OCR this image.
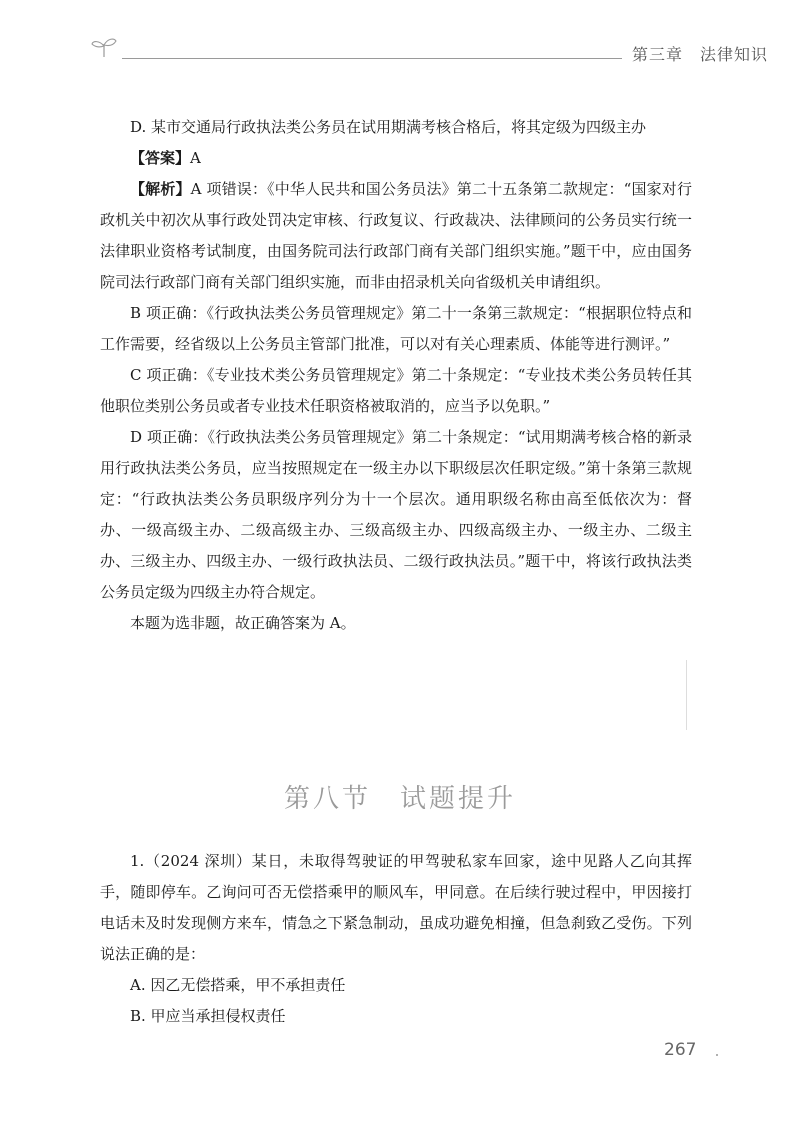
第三章　法律知识

D. 某市交通局行政执法类公务员在试用期满考核合格后，将其定级为四级主办

【答案】A

【解析】A 项错误：《中华人民共和国公务员法》第二十五条第二款规定：“国家对行政机关中初次从事行政处罚决定审核、行政复议、行政裁决、法律顾问的公务员实行统一法律职业资格考试制度，由国务院司法行政部门商有关部门组织实施。”题干中，应由国务院司法行政部门商有关部门组织实施，而非由招录机关向省级机关申请组织。

B 项正确：《行政执法类公务员管理规定》第二十一条第三款规定：“根据职位特点和工作需要，经省级以上公务员主管部门批准，可以对有关心理素质、体能等进行测评。”

C 项正确：《专业技术类公务员管理规定》第二十条规定：“专业技术类公务员转任其他职位类别公务员或者专业技术任职资格被取消的，应当予以免职。”

D 项正确：《行政执法类公务员管理规定》第二十条规定：“试用期满考核合格的新录用行政执法类公务员，应当按照规定在一级主办以下职级层次任职定级。”第十条第三款规定：“行政执法类公务员职级序列分为十一个层次。通用职级名称由高至低依次为：督办、一级高级主办、二级高级主办、三级高级主办、四级高级主办、一级主办、二级主办、三级主办、四级主办、一级行政执法员、二级行政执法员。”题干中，将该行政执法类公务员定级为四级主办符合规定。

本题为选非题，故正确答案为 A。

第八节　试题提升

1.（2024 深圳）某日，未取得驾驶证的甲驾驶私家车回家，途中见路人乙向其挥手，随即停车。乙询问可否无偿搭乘甲的顺风车，甲同意。在后续行驶过程中，甲因接打电话未及时发现侧方来车，情急之下紧急制动，虽成功避免相撞，但急刹致乙受伤。下列说法正确的是：

A. 因乙无偿搭乘，甲不承担责任

B. 甲应当承担侵权责任

267
